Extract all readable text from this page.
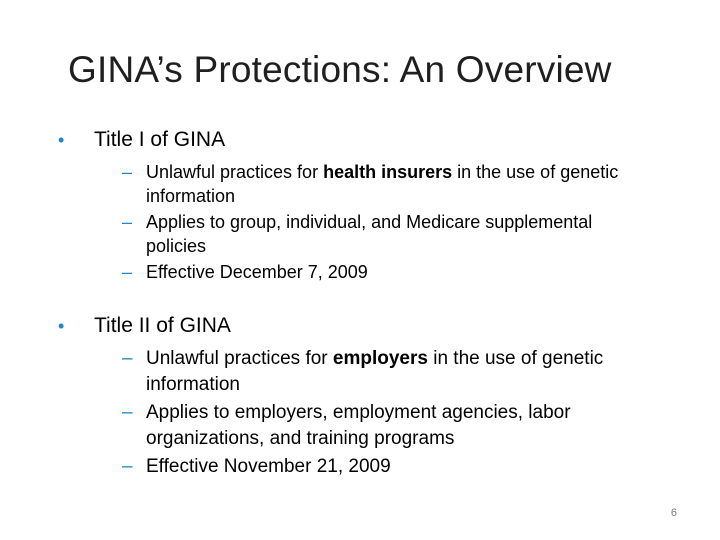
GINA’s Protections: An Overview
• Title I of GINA
– Unlawful practices for health insurers in the use of genetic
information
– Applies to group, individual, and Medicare supplemental
policies
– Effective December 7, 2009
• Title II of GINA
– Unlawful practices for employers in the use of genetic
information
– Applies to employers, employment agencies, labor
organizations, and training programs
– Effective November 21, 2009
6
